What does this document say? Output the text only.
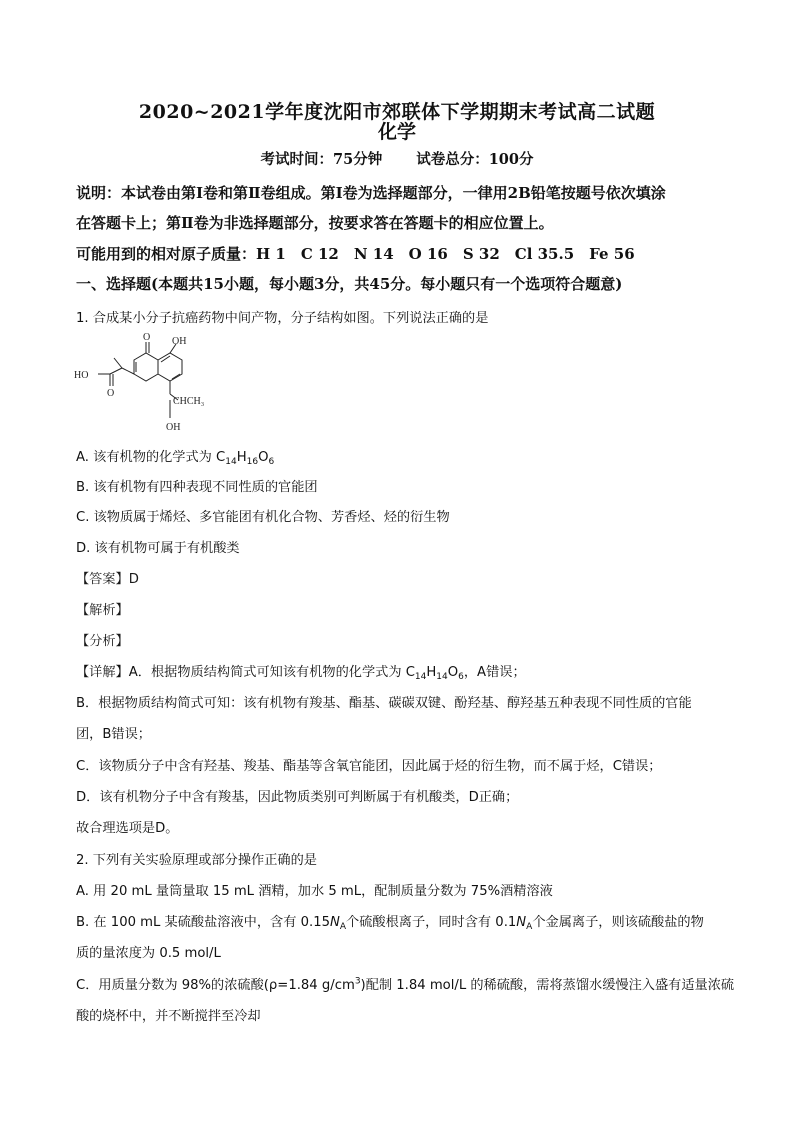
2020~2021学年度沈阳市郊联体下学期期末考试高二试题
化学
考试时间：75分钟 试卷总分：100分
说明：本试卷由第Ⅰ卷和第Ⅱ卷组成。第Ⅰ卷为选择题部分，一律用2B铅笔按题号依次填涂
在答题卡上；第Ⅱ卷为非选择题部分，按要求答在答题卡的相应位置上。
可能用到的相对原子质量：H 1　C 12　N 14　O 16　S 32　Cl 35.5　Fe 56
一、选择题(本题共15小题，每小题3分，共45分。每小题只有一个选项符合题意)
1. 合成某小分子抗癌药物中间产物，分子结构如图。下列说法正确的是
OH
O
HO
O
CHCH₃
OH
A. 该有机物的化学式为 $C_{14}H_{16}O_6$
B. 该有机物有四种表现不同性质的官能团
C. 该物质属于烯烃、多官能团有机化合物、芳香烃、烃的衍生物
D. 该有机物可属于有机酸类
【答案】D
【解析】
【分析】
【详解】A．根据物质结构简式可知该有机物的化学式为 $C_{14}H_{14}O_6$，A错误；
B．根据物质结构简式可知：该有机物有羧基、酯基、碳碳双键、酚羟基、醇羟基五种表现不同性质的官能
团，B错误；
C．该物质分子中含有羟基、羧基、酯基等含氧官能团，因此属于烃的衍生物，而不属于烃，C错误；
D．该有机物分子中含有羧基，因此物质类别可判断属于有机酸类，D正确；
故合理选项是D。
2. 下列有关实验原理或部分操作正确的是
A. 用 20 mL 量筒量取 15 mL 酒精，加水 5 mL，配制质量分数为 75%酒精溶液
B. 在 100 mL 某硫酸盐溶液中，含有 $0.15N_A$个硫酸根离子，同时含有 $0.1N_A$个金属离子，则该硫酸盐的物
质的量浓度为 0.5 mol/L
C．用质量分数为 98%的浓硫酸(ρ=1.84 $g/cm^3$)配制 1.84 mol/L 的稀硫酸，需将蒸馏水缓慢注入盛有适量浓硫
酸的烧杯中，并不断搅拌至冷却
